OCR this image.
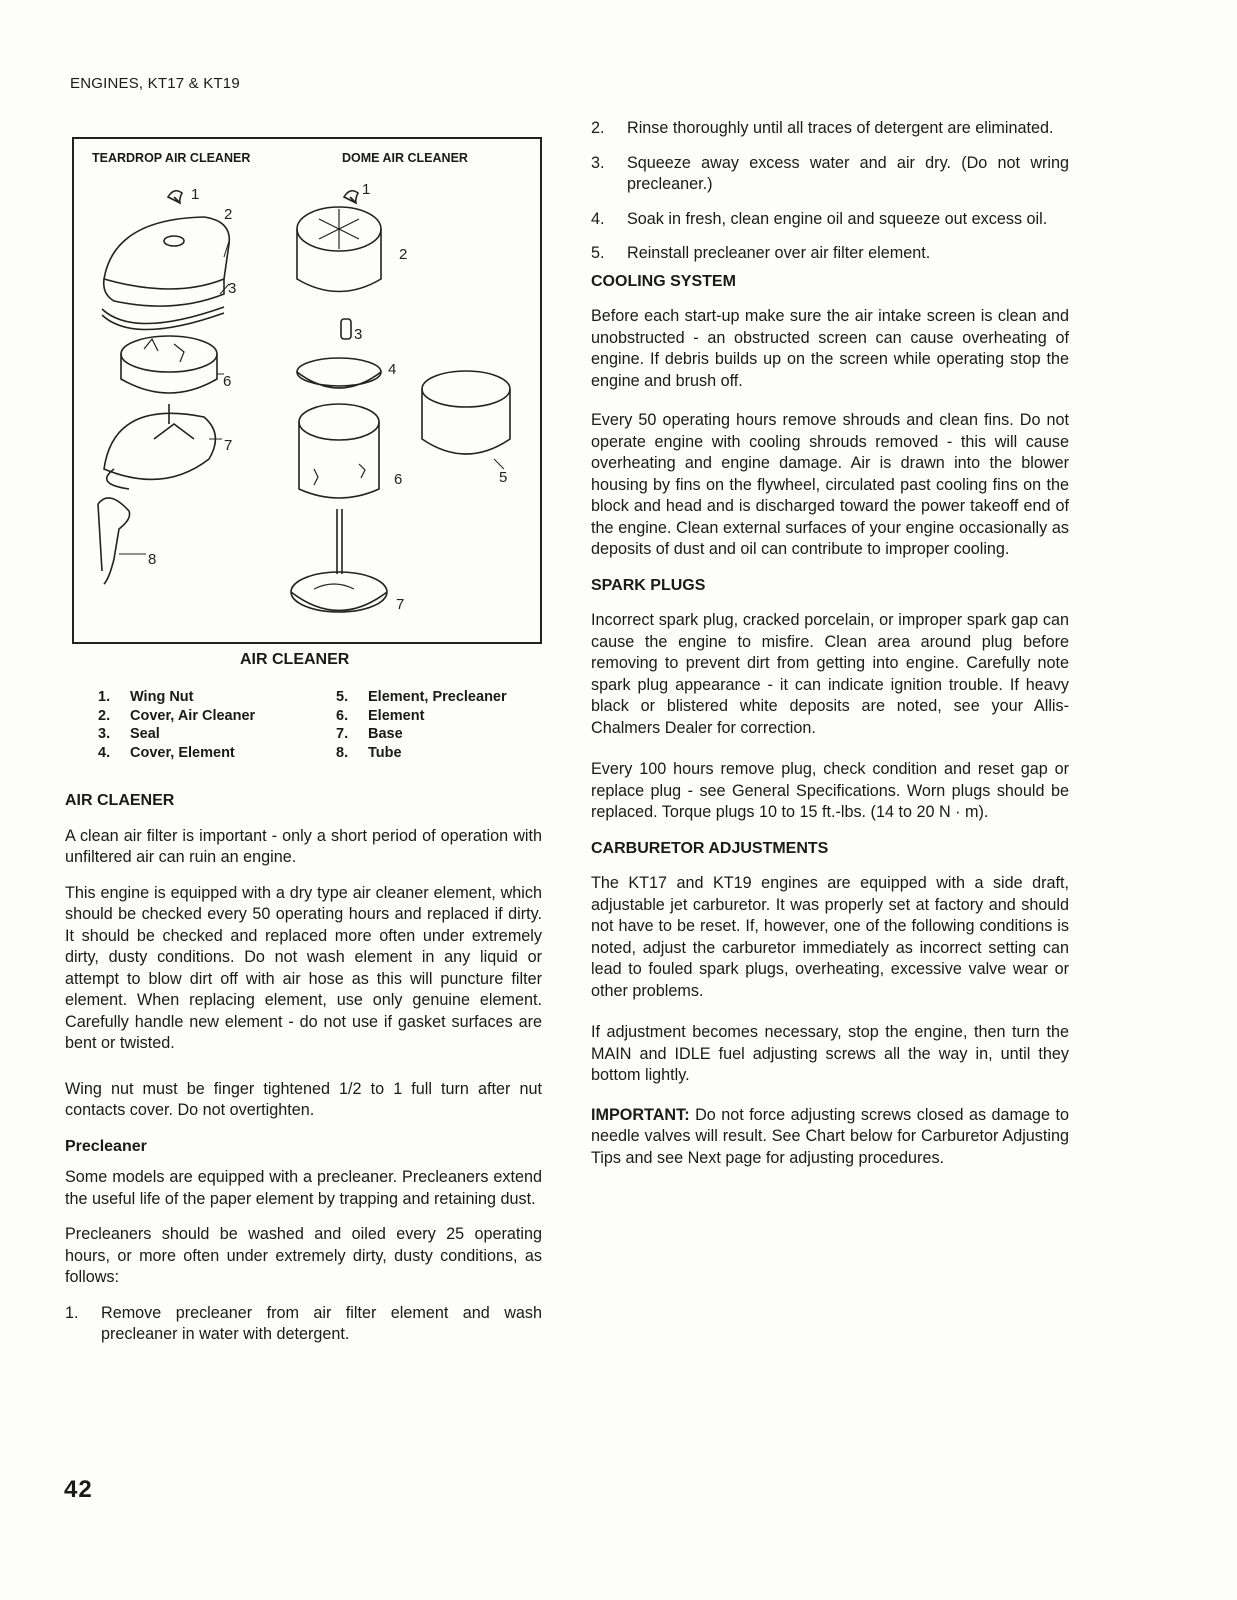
ENGINES, KT17 & KT19
1
2
3
6
7
8
1
2
3
4
6	5
7
TEARDROP AIR CLEANER	DOME AIR CLEANER
AIR CLEANER
1. Wing Nut
2. Cover, Air Cleaner
3. Seal
4. Cover, Element
5. Element, Precleaner
6. Element
7. Base
8. Tube
AIR CLAENER

A clean air filter is important - only a short period of operation with unfiltered air can ruin an engine.

This engine is equipped with a dry type air cleaner element, which should be checked every 50 operating hours and replaced if dirty. It should be checked and replaced more often under extremely dirty, dusty conditions. Do not wash element in any liquid or attempt to blow dirt off with air hose as this will puncture filter element. When replacing element, use only genuine element. Carefully handle new element - do not use if gasket surfaces are bent or twisted.

Wing nut must be finger tightened 1/2 to 1 full turn after nut contacts cover. Do not overtighten.

Precleaner

Some models are equipped with a precleaner. Precleaners extend the useful life of the paper element by trapping and retaining dust.

Precleaners should be washed and oiled every 25 operating hours, or more often under extremely dirty, dusty conditions, as follows:

1.	Remove precleaner from air filter element and wash precleaner in water with detergent.
2.	Rinse thoroughly until all traces of detergent are eliminated.
3.	Squeeze away excess water and air dry. (Do not wring precleaner.)
4.	Soak in fresh, clean engine oil and squeeze out excess oil.
5.	Reinstall precleaner over air filter element.
COOLING SYSTEM

Before each start-up make sure the air intake screen is clean and unobstructed - an obstructed screen can cause overheating of engine. If debris builds up on the screen while operating stop the engine and brush off.

Every 50 operating hours remove shrouds and clean fins. Do not operate engine with cooling shrouds removed - this will cause overheating and engine damage. Air is drawn into the blower housing by fins on the flywheel, circulated past cooling fins on the block and head and is discharged toward the power takeoff end of the engine. Clean external surfaces of your engine occasionally as deposits of dust and oil can contribute to improper cooling.

SPARK PLUGS

Incorrect spark plug, cracked porcelain, or improper spark gap can cause the engine to misfire. Clean area around plug before removing to prevent dirt from getting into engine. Carefully note spark plug appearance - it can indicate ignition trouble. If heavy black or blistered white deposits are noted, see your Allis-Chalmers Dealer for correction.

Every 100 hours remove plug, check condition and reset gap or replace plug - see General Specifications. Worn plugs should be replaced. Torque plugs 10 to 15 ft.-lbs. (14 to 20 N · m).

CARBURETOR ADJUSTMENTS

The KT17 and KT19 engines are equipped with a side draft, adjustable jet carburetor. It was properly set at factory and should not have to be reset. If, however, one of the following conditions is noted, adjust the carburetor immediately as incorrect setting can lead to fouled spark plugs, overheating, excessive valve wear or other problems.

If adjustment becomes necessary, stop the engine, then turn the MAIN and IDLE fuel adjusting screws all the way in, until they bottom lightly.

IMPORTANT: Do not force adjusting screws closed as damage to needle valves will result. See Chart below for Carburetor Adjusting Tips and see Next page for adjusting procedures.

42
